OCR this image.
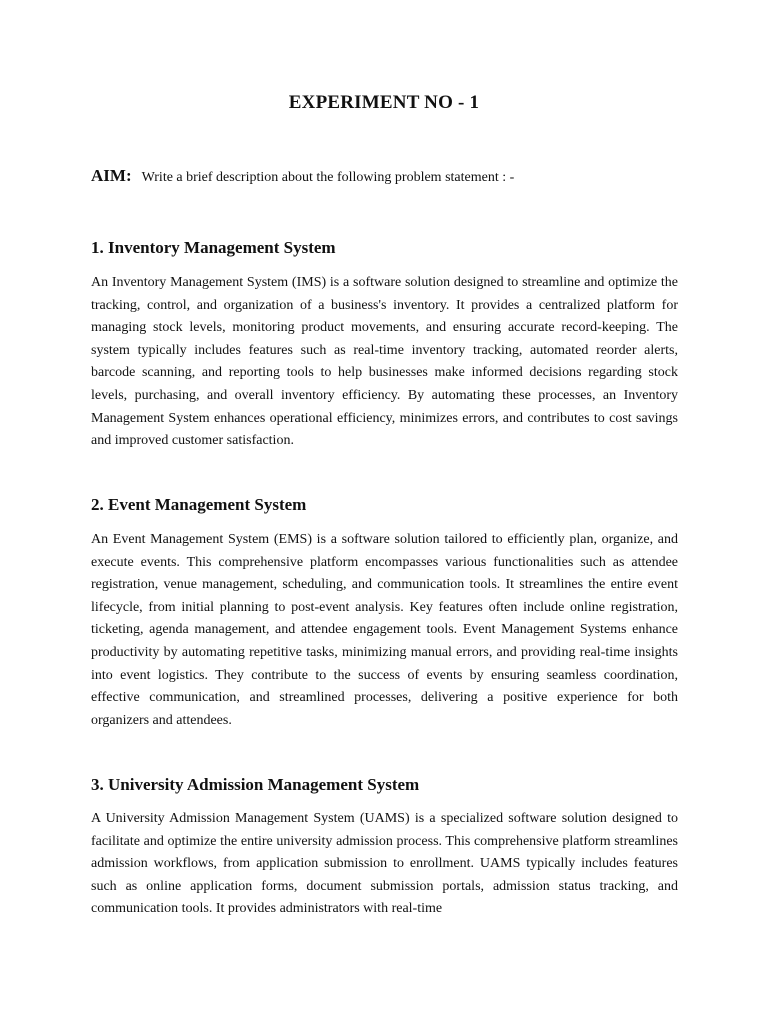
EXPERIMENT NO - 1

AIM: Write a brief description about the following problem statement : -

1. Inventory Management System

An Inventory Management System (IMS) is a software solution designed to streamline and optimize the tracking, control, and organization of a business's inventory. It provides a centralized platform for managing stock levels, monitoring product movements, and ensuring accurate record-keeping. The system typically includes features such as real-time inventory tracking, automated reorder alerts, barcode scanning, and reporting tools to help businesses make informed decisions regarding stock levels, purchasing, and overall inventory efficiency. By automating these processes, an Inventory Management System enhances operational efficiency, minimizes errors, and contributes to cost savings and improved customer satisfaction.

2. Event Management System

An Event Management System (EMS) is a software solution tailored to efficiently plan, organize, and execute events. This comprehensive platform encompasses various functionalities such as attendee registration, venue management, scheduling, and communication tools. It streamlines the entire event lifecycle, from initial planning to post-event analysis. Key features often include online registration, ticketing, agenda management, and attendee engagement tools. Event Management Systems enhance productivity by automating repetitive tasks, minimizing manual errors, and providing real-time insights into event logistics. They contribute to the success of events by ensuring seamless coordination, effective communication, and streamlined processes, delivering a positive experience for both organizers and attendees.

3. University Admission Management System

A University Admission Management System (UAMS) is a specialized software solution designed to facilitate and optimize the entire university admission process. This comprehensive platform streamlines admission workflows, from application submission to enrollment. UAMS typically includes features such as online application forms, document submission portals, admission status tracking, and communication tools. It provides administrators with real-time
